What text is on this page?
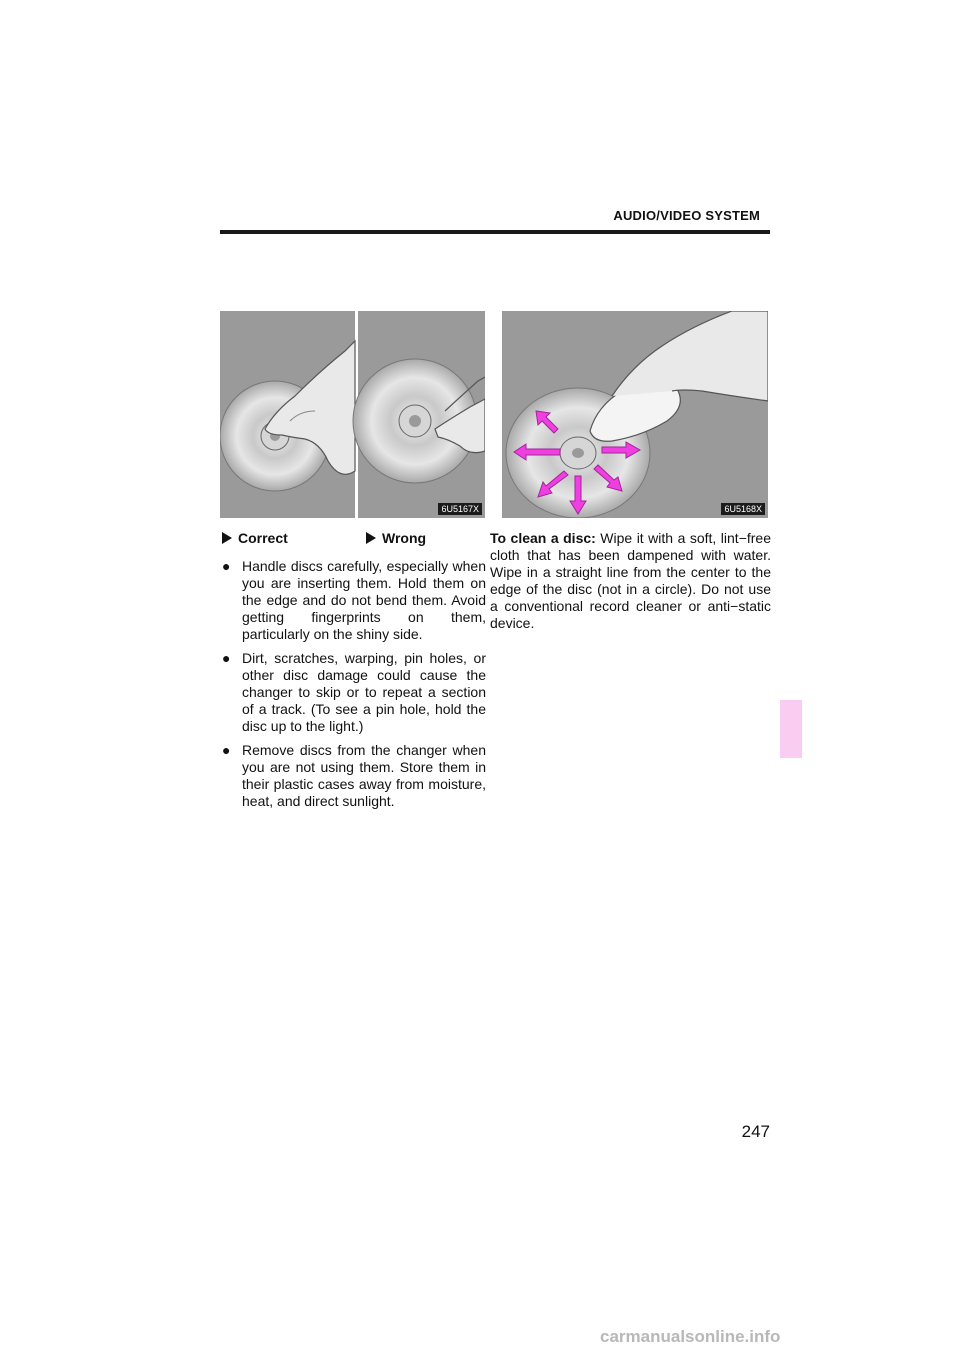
AUDIO/VIDEO SYSTEM
6U5167X	6U5168X
Correct	Wrong
● Handle discs carefully, especially when you are inserting them. Hold them on the edge and do not bend them. Avoid getting fingerprints on them, particularly on the shiny side.
● Dirt, scratches, warping, pin holes, or other disc damage could cause the changer to skip or to repeat a section of a track. (To see a pin hole, hold the disc up to the light.)
● Remove discs from the changer when you are not using them. Store them in their plastic cases away from moisture, heat, and direct sunlight.

To clean a disc: Wipe it with a soft, lint−free cloth that has been dampened with water. Wipe in a straight line from the center to the edge of the disc (not in a circle). Do not use a conventional record cleaner or anti−static device.

247
carmanualsonline.info
